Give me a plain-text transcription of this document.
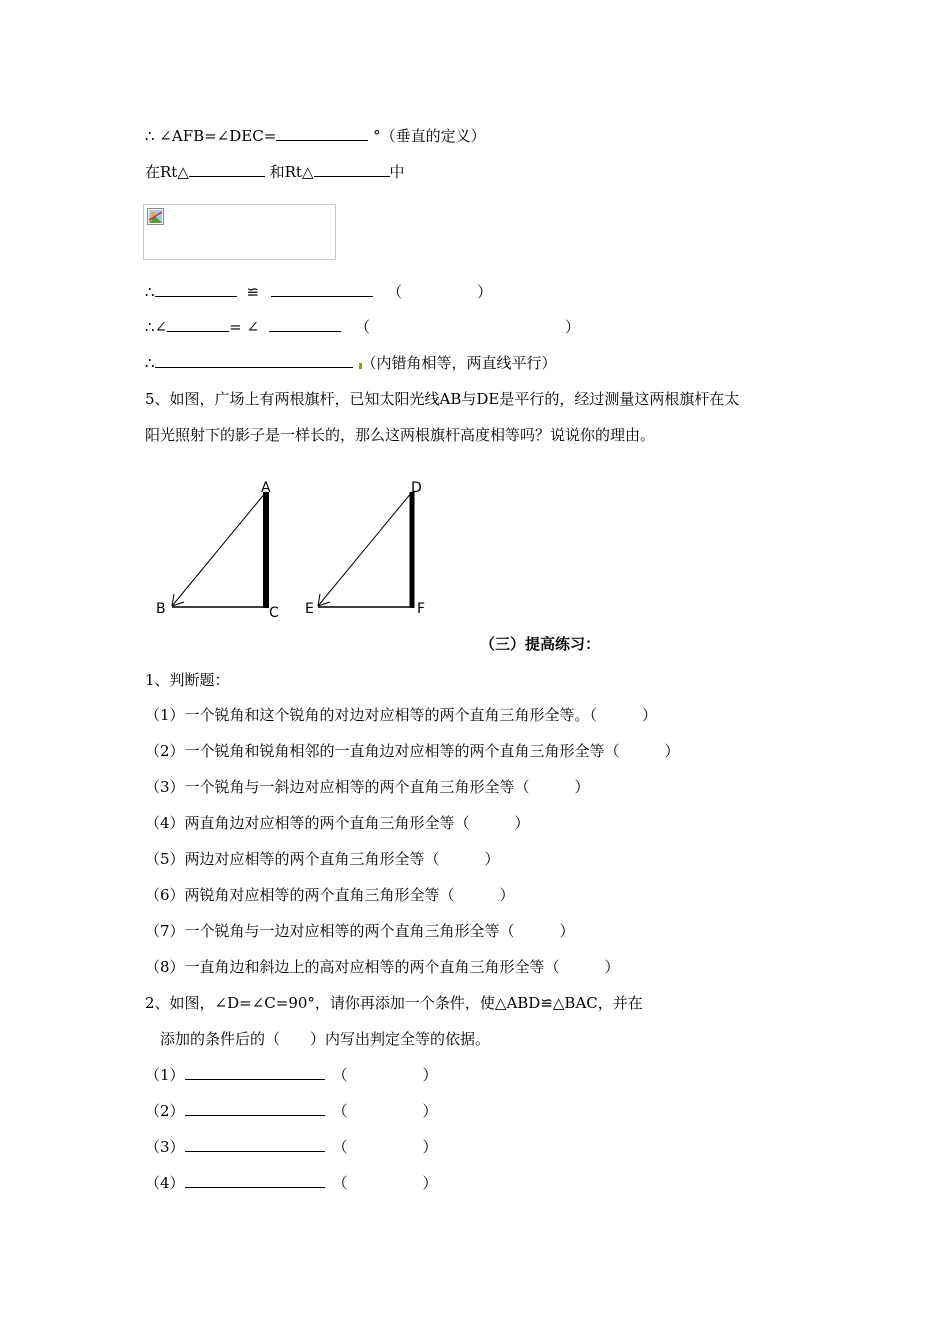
∴ ∠AFB=∠DEC=	°（垂直的定义）
在Rt△	和Rt△	中
∴	≌	（　　　　　）
∴∠	= ∠	（　　　　　　　　　　　　　）
∴	（内错角相等，两直线平行）
5、如图，广场上有两根旗杆，已知太阳光线AB与DE是平行的，经过测量这两根旗杆在太
阳光照射下的影子是一样长的，那么这两根旗杆高度相等吗？说说你的理由。
A
B	C
D
E	F
（三）提高练习：
1、判断题：
（1）一个锐角和这个锐角的对边对应相等的两个直角三角形全等。（　　　）
（2）一个锐角和锐角相邻的一直角边对应相等的两个直角三角形全等（　　　）
（3）一个锐角与一斜边对应相等的两个直角三角形全等（　　　）
（4）两直角边对应相等的两个直角三角形全等（　　　）
（5）两边对应相等的两个直角三角形全等（　　　）
（6）两锐角对应相等的两个直角三角形全等（　　　）
（7）一个锐角与一边对应相等的两个直角三角形全等（　　　）
（8）一直角边和斜边上的高对应相等的两个直角三角形全等（　　　）
2、如图，∠D=∠C=90°，请你再添加一个条件，使△ABD≌△BAC，并在
添加的条件后的（　　）内写出判定全等的依据。
（1）	（　　　　　）
（2）	（　　　　　）
（3）	（　　　　　）
（4）	（　　　　　）
